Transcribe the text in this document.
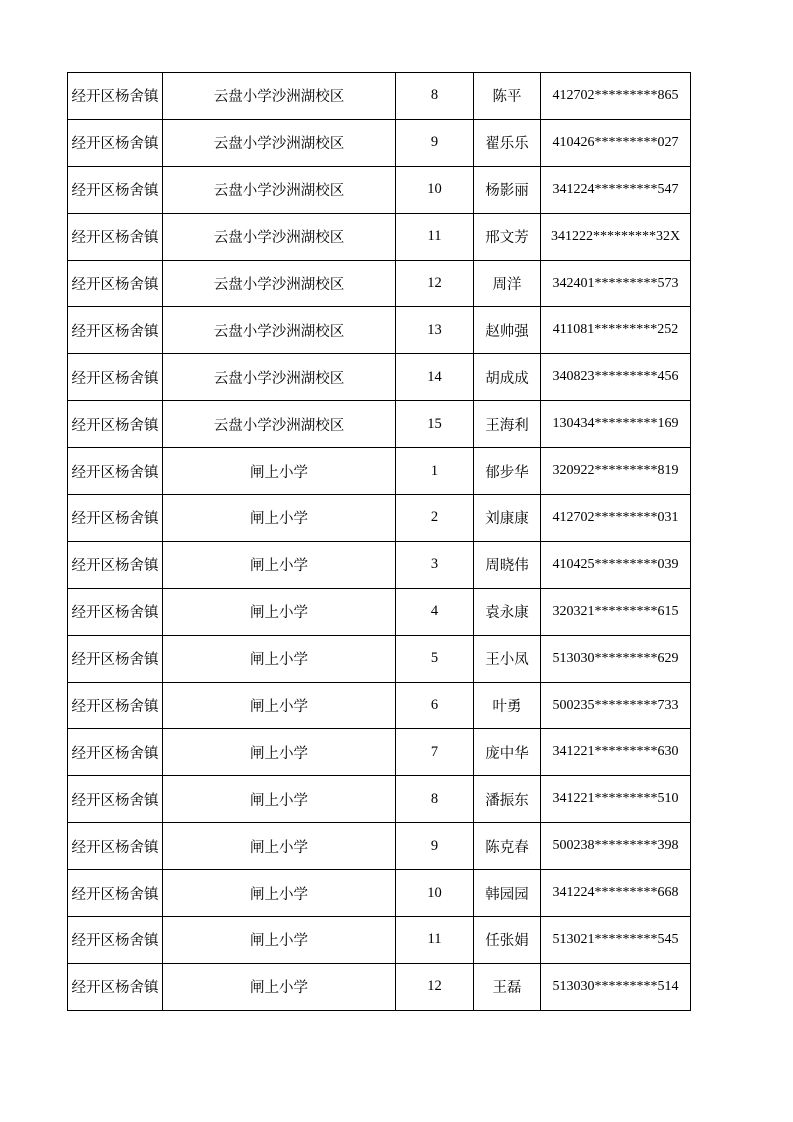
经开区杨舍镇	云盘小学沙洲湖校区	8	陈平	412702*********865
经开区杨舍镇	云盘小学沙洲湖校区	9	翟乐乐	410426*********027
经开区杨舍镇	云盘小学沙洲湖校区	10	杨影丽	341224*********547
经开区杨舍镇	云盘小学沙洲湖校区	11	邢文芳	341222*********32X
经开区杨舍镇	云盘小学沙洲湖校区	12	周洋	342401*********573
经开区杨舍镇	云盘小学沙洲湖校区	13	赵帅强	411081*********252
经开区杨舍镇	云盘小学沙洲湖校区	14	胡成成	340823*********456
经开区杨舍镇	云盘小学沙洲湖校区	15	王海利	130434*********169
经开区杨舍镇	闸上小学	1	郁步华	320922*********819
经开区杨舍镇	闸上小学	2	刘康康	412702*********031
经开区杨舍镇	闸上小学	3	周晓伟	410425*********039
经开区杨舍镇	闸上小学	4	袁永康	320321*********615
经开区杨舍镇	闸上小学	5	王小凤	513030*********629
经开区杨舍镇	闸上小学	6	叶勇	500235*********733
经开区杨舍镇	闸上小学	7	庞中华	341221*********630
经开区杨舍镇	闸上小学	8	潘振东	341221*********510
经开区杨舍镇	闸上小学	9	陈克春	500238*********398
经开区杨舍镇	闸上小学	10	韩园园	341224*********668
经开区杨舍镇	闸上小学	11	任张娟	513021*********545
经开区杨舍镇	闸上小学	12	王磊	513030*********514
